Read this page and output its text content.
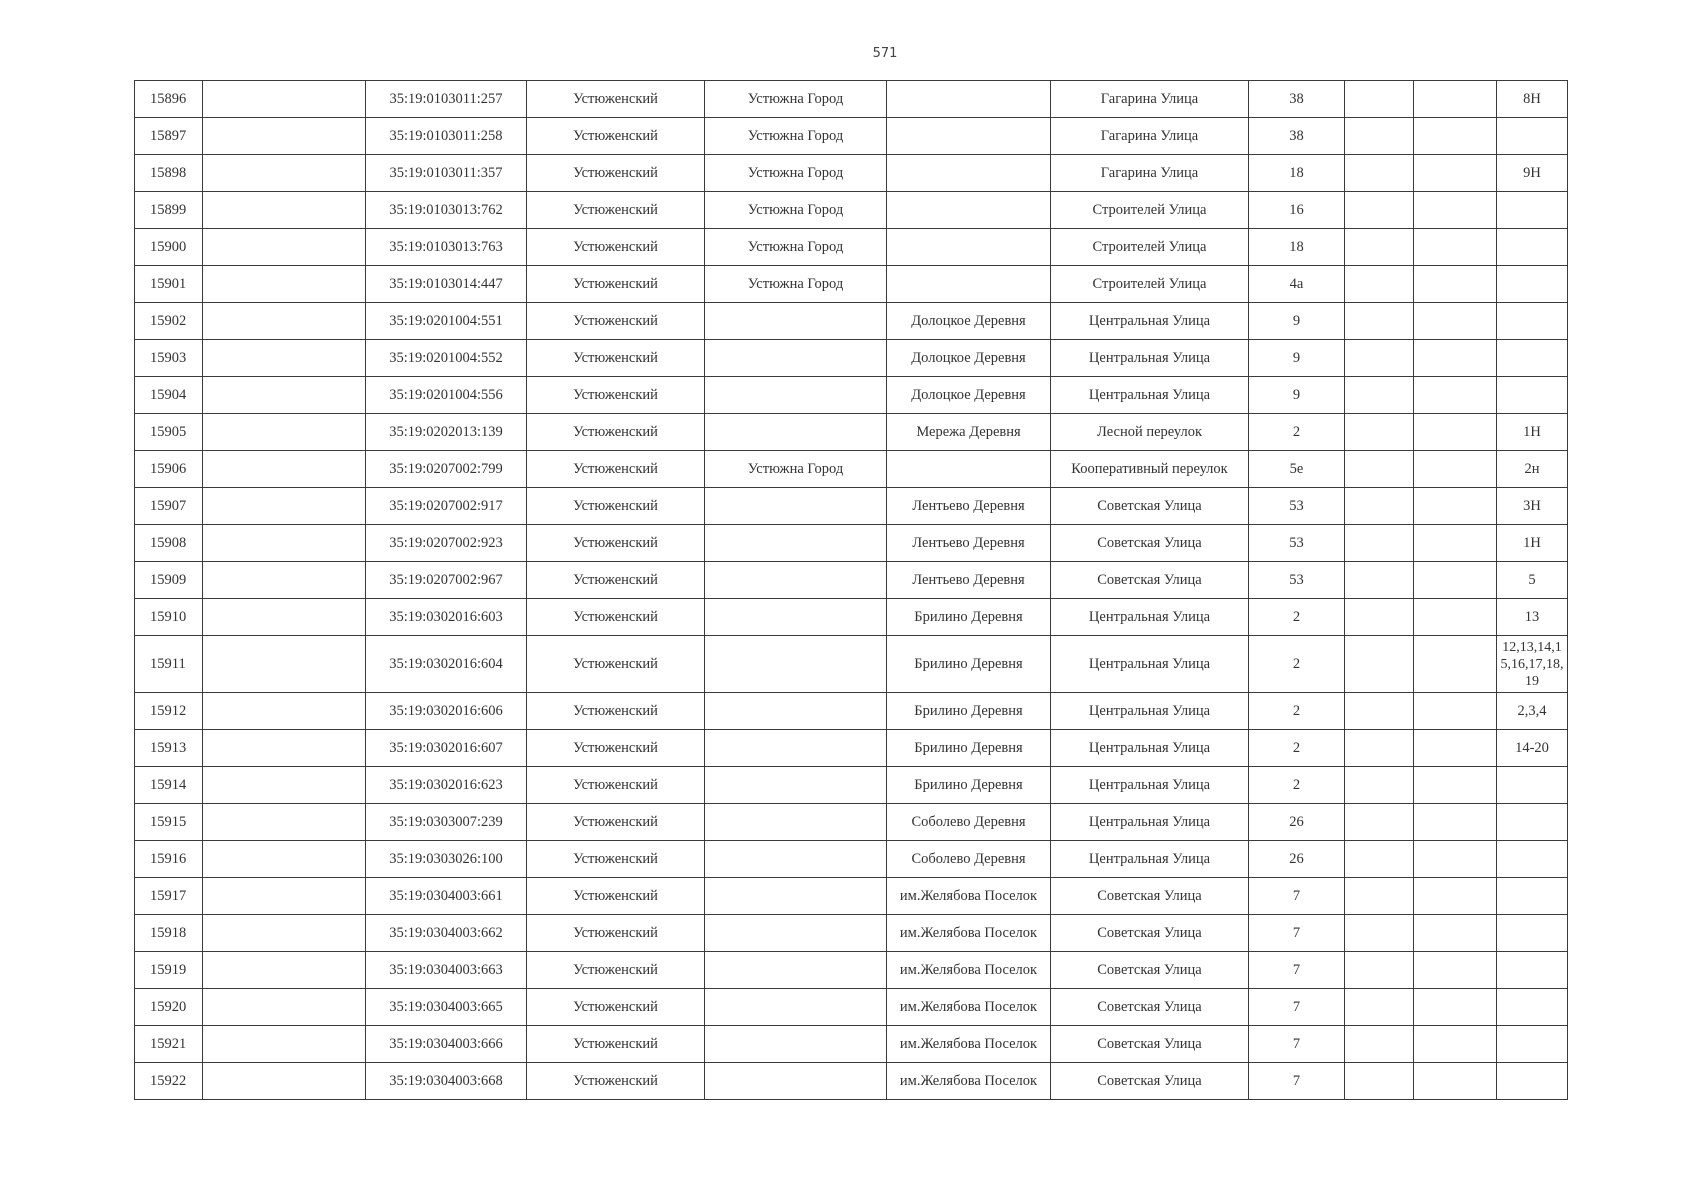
571
15896		35:19:0103011:257	Устюженский	Устюжна Город		Гагарина Улица	38			8Н
15897		35:19:0103011:258	Устюженский	Устюжна Город		Гагарина Улица	38			
15898		35:19:0103011:357	Устюженский	Устюжна Город		Гагарина Улица	18			9Н
15899		35:19:0103013:762	Устюженский	Устюжна Город		Строителей Улица	16			
15900		35:19:0103013:763	Устюженский	Устюжна Город		Строителей Улица	18			
15901		35:19:0103014:447	Устюженский	Устюжна Город		Строителей Улица	4а			
15902		35:19:0201004:551	Устюженский		Долоцкое Деревня	Центральная Улица	9			
15903		35:19:0201004:552	Устюженский		Долоцкое Деревня	Центральная Улица	9			
15904		35:19:0201004:556	Устюженский		Долоцкое Деревня	Центральная Улица	9			
15905		35:19:0202013:139	Устюженский		Мережа Деревня	Лесной переулок	2			1Н
15906		35:19:0207002:799	Устюженский	Устюжна Город		Кооперативный переулок	5е			2н
15907		35:19:0207002:917	Устюженский		Лентьево Деревня	Советская Улица	53			3Н
15908		35:19:0207002:923	Устюженский		Лентьево Деревня	Советская Улица	53			1Н
15909		35:19:0207002:967	Устюженский		Лентьево Деревня	Советская Улица	53			5
15910		35:19:0302016:603	Устюженский		Брилино Деревня	Центральная Улица	2			13
15911		35:19:0302016:604	Устюженский		Брилино Деревня	Центральная Улица	2			12,13,14,15,16,17,18,19
15912		35:19:0302016:606	Устюженский		Брилино Деревня	Центральная Улица	2			2,3,4
15913		35:19:0302016:607	Устюженский		Брилино Деревня	Центральная Улица	2			14-20
15914		35:19:0302016:623	Устюженский		Брилино Деревня	Центральная Улица	2			
15915		35:19:0303007:239	Устюженский		Соболево Деревня	Центральная Улица	26			
15916		35:19:0303026:100	Устюженский		Соболево Деревня	Центральная Улица	26			
15917		35:19:0304003:661	Устюженский		им.Желябова Поселок	Советская Улица	7			
15918		35:19:0304003:662	Устюженский		им.Желябова Поселок	Советская Улица	7			
15919		35:19:0304003:663	Устюженский		им.Желябова Поселок	Советская Улица	7			
15920		35:19:0304003:665	Устюженский		им.Желябова Поселок	Советская Улица	7			
15921		35:19:0304003:666	Устюженский		им.Желябова Поселок	Советская Улица	7			
15922		35:19:0304003:668	Устюженский		им.Желябова Поселок	Советская Улица	7			
